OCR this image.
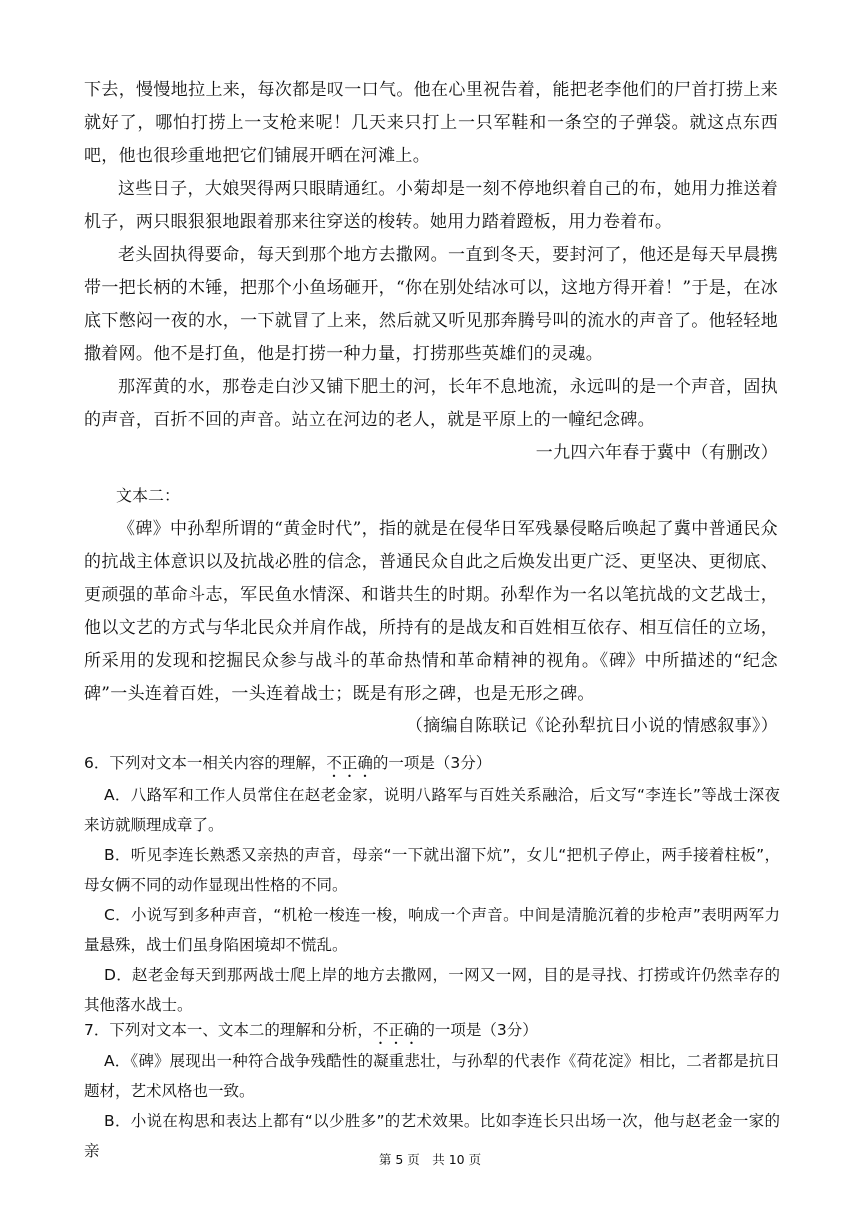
下去，慢慢地拉上来，每次都是叹一口气。他在心里祝告着，能把老李他们的尸首打捞上来就好了，哪怕打捞上一支枪来呢！几天来只打上一只军鞋和一条空的子弹袋。就这点东西吧，他也很珍重地把它们铺展开晒在河滩上。

这些日子，大娘哭得两只眼睛通红。小菊却是一刻不停地织着自己的布，她用力推送着机子，两只眼狠狠地跟着那来往穿送的梭转。她用力踏着蹬板，用力卷着布。

老头固执得要命，每天到那个地方去撒网。一直到冬天，要封河了，他还是每天早晨携带一把长柄的木锤，把那个小鱼场砸开，“你在别处结冰可以，这地方得开着！”于是，在冰底下憋闷一夜的水，一下就冒了上来，然后就又听见那奔腾号叫的流水的声音了。他轻轻地撒着网。他不是打鱼，他是打捞一种力量，打捞那些英雄们的灵魂。

那浑黄的水，那卷走白沙又铺下肥土的河，长年不息地流，永远叫的是一个声音，固执的声音，百折不回的声音。站立在河边的老人，就是平原上的一幢纪念碑。

一九四六年春于冀中（有删改）

文本二：

《碑》中孙犁所谓的“黄金时代”，指的就是在侵华日军残暴侵略后唤起了冀中普通民众的抗战主体意识以及抗战必胜的信念，普通民众自此之后焕发出更广泛、更坚决、更彻底、更顽强的革命斗志，军民鱼水情深、和谐共生的时期。孙犁作为一名以笔抗战的文艺战士，他以文艺的方式与华北民众并肩作战，所持有的是战友和百姓相互依存、相互信任的立场，所采用的发现和挖掘民众参与战斗的革命热情和革命精神的视角。《碑》中所描述的“纪念碑”一头连着百姓，一头连着战士；既是有形之碑，也是无形之碑。

（摘编自陈联记《论孙犁抗日小说的情感叙事》）

6．下列对文本一相关内容的理解，不正确的一项是（3分）

A．八路军和工作人员常住在赵老金家，说明八路军与百姓关系融洽，后文写“李连长”等战士深夜来访就顺理成章了。

B．听见李连长熟悉又亲热的声音，母亲“一下就出溜下炕”，女儿“把机子停止，两手接着柱板”，母女俩不同的动作显现出性格的不同。

C．小说写到多种声音，“机枪一梭连一梭，响成一个声音。中间是清脆沉着的步枪声”表明两军力量悬殊，战士们虽身陷困境却不慌乱。

D．赵老金每天到那两战士爬上岸的地方去撒网，一网又一网，目的是寻找、打捞或许仍然幸存的其他落水战士。

7．下列对文本一、文本二的理解和分析，不正确的一项是（3分）

A．《碑》展现出一种符合战争残酷性的凝重悲壮，与孙犁的代表作《荷花淀》相比，二者都是抗日题材，艺术风格也一致。

B．小说在构思和表达上都有“以少胜多”的艺术效果。比如李连长只出场一次，他与赵老金一家的亲	第 5 页　共 10 页
